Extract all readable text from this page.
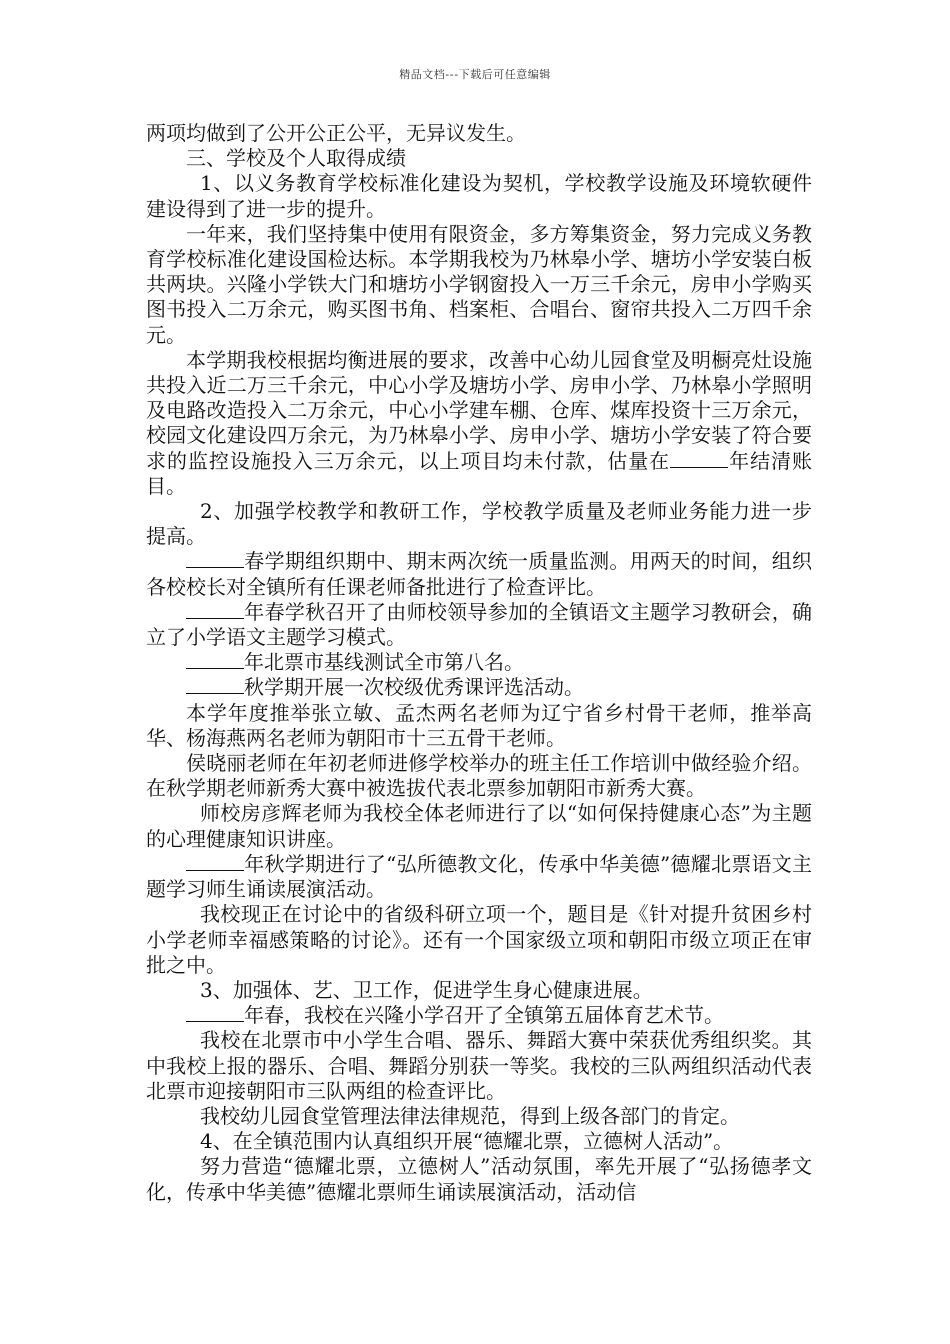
精品文档---下载后可任意编辑

两项均做到了公开公正公平，无异议发生。

三、学校及个人取得成绩

1、以义务教育学校标准化建设为契机，学校教学设施及环境软硬件建设得到了进一步的提升。

一年来，我们坚持集中使用有限资金，多方筹集资金，努力完成义务教育学校标准化建设国检达标。本学期我校为乃林皋小学、塘坊小学安装白板共两块。兴隆小学铁大门和塘坊小学钢窗投入一万三千余元，房申小学购买图书投入二万余元，购买图书角、档案柜、合唱台、窗帘共投入二万四千余元。

本学期我校根据均衡进展的要求，改善中心幼儿园食堂及明橱亮灶设施共投入近二万三千余元，中心小学及塘坊小学、房申小学、乃林皋小学照明及电路改造投入二万余元，中心小学建车棚、仓库、煤库投资十三万余元，校园文化建设四万余元，为乃林皋小学、房申小学、塘坊小学安装了符合要求的监控设施投入三万余元，以上项目均未付款，估量在	年结清账目。

2、加强学校教学和教研工作，学校教学质量及老师业务能力进一步提高。

春学期组织期中、期末两次统一质量监测。用两天的时间，组织各校校长对全镇所有任课老师备批进行了检查评比。

年春学秋召开了由师校领导参加的全镇语文主题学习教研会，确立了小学语文主题学习模式。

年北票市基线测试全市第八名。

秋学期开展一次校级优秀课评选活动。

本学年度推举张立敏、孟杰两名老师为辽宁省乡村骨干老师，推举高华、杨海燕两名老师为朝阳市十三五骨干老师。

侯晓丽老师在年初老师进修学校举办的班主任工作培训中做经验介绍。在秋学期老师新秀大赛中被选拔代表北票参加朝阳市新秀大赛。

师校房彦辉老师为我校全体老师进行了以“如何保持健康心态”为主题的心理健康知识讲座。

年秋学期进行了“弘所德教文化，传承中华美德”德耀北票语文主题学习师生诵读展演活动。

我校现正在讨论中的省级科研立项一个，题目是《针对提升贫困乡村小学老师幸福感策略的讨论》。还有一个国家级立项和朝阳市级立项正在审批之中。

3、加强体、艺、卫工作，促进学生身心健康进展。

年春，我校在兴隆小学召开了全镇第五届体育艺术节。

我校在北票市中小学生合唱、器乐、舞蹈大赛中荣获优秀组织奖。其中我校上报的器乐、合唱、舞蹈分别获一等奖。我校的三队两组织活动代表北票市迎接朝阳市三队两组的检查评比。

我校幼儿园食堂管理法律法律规范，得到上级各部门的肯定。

4、在全镇范围内认真组织开展“德耀北票，立德树人活动”。

努力营造“德耀北票，立德树人”活动氛围，率先开展了“弘扬德孝文化，传承中华美德”德耀北票师生诵读展演活动，活动信
